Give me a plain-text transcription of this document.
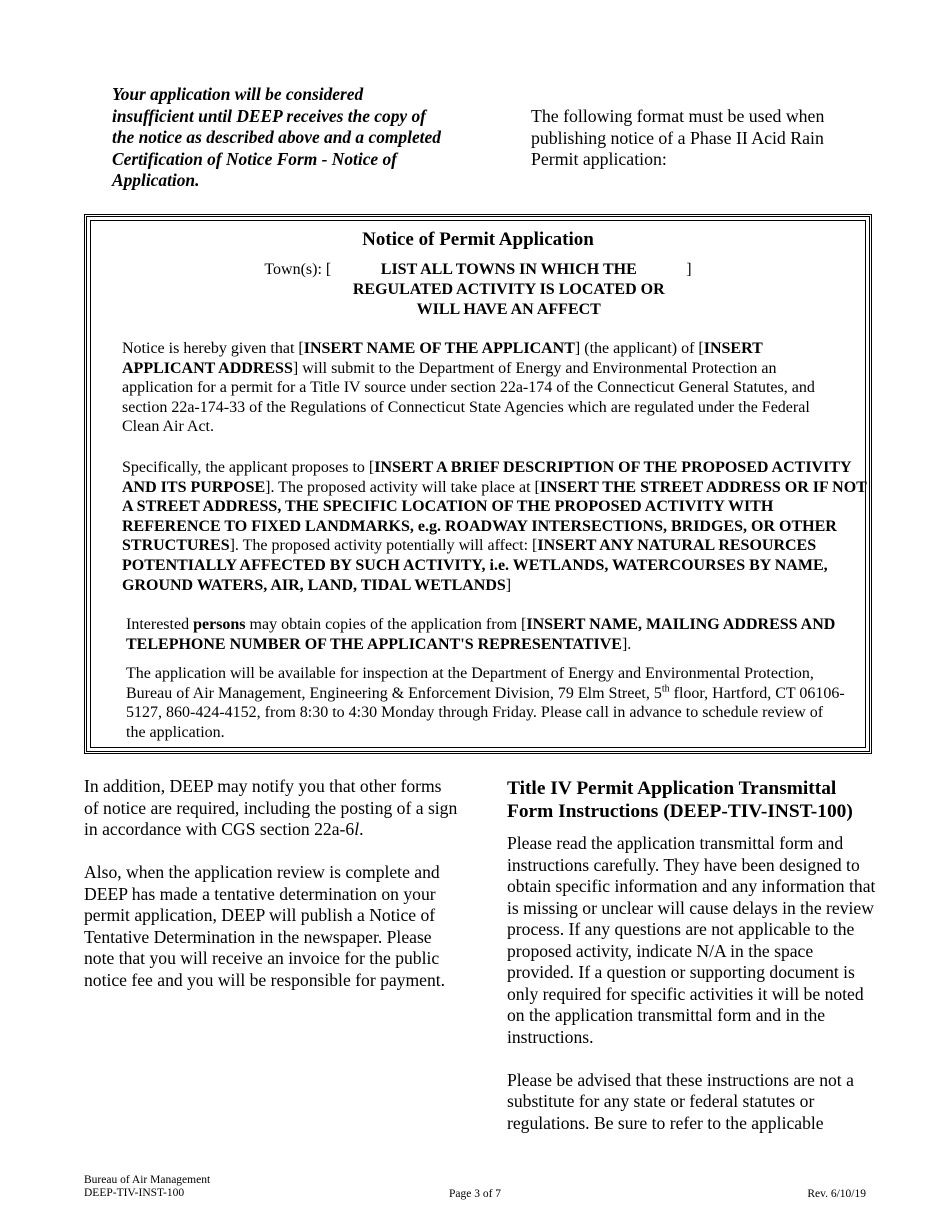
Your application will be considered insufficient until DEEP receives the copy of the notice as described above and a completed Certification of Notice Form - Notice of Application.
The following format must be used when publishing notice of a Phase II Acid Rain Permit application:
Notice of Permit Application
Town(s): [	LIST ALL TOWNS IN WHICH THE REGULATED ACTIVITY IS LOCATED OR WILL HAVE AN AFFECT]
Notice is hereby given that [INSERT NAME OF THE APPLICANT] (the applicant) of [INSERT APPLICANT ADDRESS] will submit to the Department of Energy and Environmental Protection an application for a permit for a Title IV source under section 22a-174 of the Connecticut General Statutes, and section 22a-174-33 of the Regulations of Connecticut State Agencies which are regulated under the Federal Clean Air Act.
Specifically, the applicant proposes to [INSERT A BRIEF DESCRIPTION OF THE PROPOSED ACTIVITY AND ITS PURPOSE]. The proposed activity will take place at [INSERT THE STREET ADDRESS OR IF NOT A STREET ADDRESS, THE SPECIFIC LOCATION OF THE PROPOSED ACTIVITY WITH REFERENCE TO FIXED LANDMARKS, e.g. ROADWAY INTERSECTIONS, BRIDGES, OR OTHER STRUCTURES]. The proposed activity potentially will affect: [INSERT ANY NATURAL RESOURCES POTENTIALLY AFFECTED BY SUCH ACTIVITY, i.e. WETLANDS, WATERCOURSES BY NAME, GROUND WATERS, AIR, LAND, TIDAL WETLANDS]
Interested persons may obtain copies of the application from [INSERT NAME, MAILING ADDRESS AND TELEPHONE NUMBER OF THE APPLICANT'S REPRESENTATIVE].
The application will be available for inspection at the Department of Energy and Environmental Protection, Bureau of Air Management, Engineering & Enforcement Division, 79 Elm Street, 5th floor, Hartford, CT 06106-5127, 860-424-4152, from 8:30 to 4:30 Monday through Friday. Please call in advance to schedule review of the application.

In addition, DEEP may notify you that other forms of notice are required, including the posting of a sign in accordance with CGS section 22a-6l.

Also, when the application review is complete and DEEP has made a tentative determination on your permit application, DEEP will publish a Notice of Tentative Determination in the newspaper. Please note that you will receive an invoice for the public notice fee and you will be responsible for payment.

Title IV Permit Application Transmittal Form Instructions (DEEP-TIV-INST-100)

Please read the application transmittal form and instructions carefully. They have been designed to obtain specific information and any information that is missing or unclear will cause delays in the review process. If any questions are not applicable to the proposed activity, indicate N/A in the space provided. If a question or supporting document is only required for specific activities it will be noted on the application transmittal form and in the instructions.

Please be advised that these instructions are not a substitute for any state or federal statutes or regulations. Be sure to refer to the applicable

Bureau of Air Management
DEEP-TIV-INST-100	Page 3 of 7	Rev. 6/10/19
